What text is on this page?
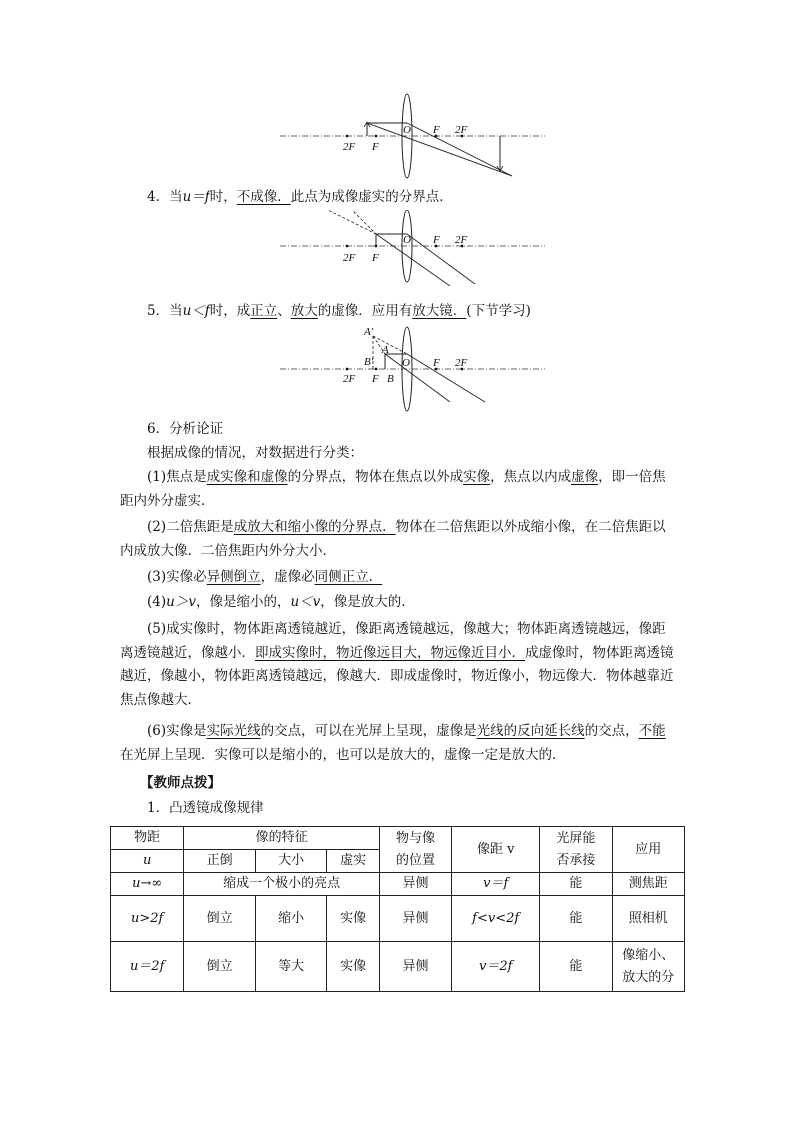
2F F
O F 2F
4．当u＝f时，不成像．此点为成像虚实的分界点．
2F F
O F 2F
5．当u＜f时，成正立、放大的虚像．应用有放大镜．(下节学习)
A'
B'
A
B
2F F
O F 2F
6．分析论证
根据成像的情况，对数据进行分类：
(1)焦点是成实像和虚像的分界点，物体在焦点以外成实像，焦点以内成虚像，即一倍焦距内外分虚实．
(2)二倍焦距是成放大和缩小像的分界点．物体在二倍焦距以外成缩小像，在二倍焦距以内成放大像．二倍焦距内外分大小．
(3)实像必异侧倒立，虚像必同侧正立．
(4)u＞v，像是缩小的，u＜v，像是放大的．
(5)成实像时，物体距离透镜越近，像距离透镜越远，像越大；物体距离透镜越远，像距离透镜越近，像越小．即成实像时，物近像远目大，物远像近目小．成虚像时，物体距离透镜越近，像越小，物体距离透镜越远，像越大．即成虚像时，物近像小，物远像大．物体越靠近焦点像越大．
(6)实像是实际光线的交点，可以在光屏上呈现，虚像是光线的反向延长线的交点，不能在光屏上呈现．实像可以是缩小的，也可以是放大的，虚像一定是放大的．
【教师点拨】
1．凸透镜成像规律
物距	像的特征			物与像的位置	像距 v	光屏能否承接	应用
u	正倒	大小	虚实				
u→∞	缩成一个极小的亮点			异侧	v＝f	能	测焦距
u>2f	倒立	缩小	实像	异侧	f<v<2f	能	照相机
u＝2f	倒立	等大	实像	异侧	v＝2f	能	像缩小、放大的分
